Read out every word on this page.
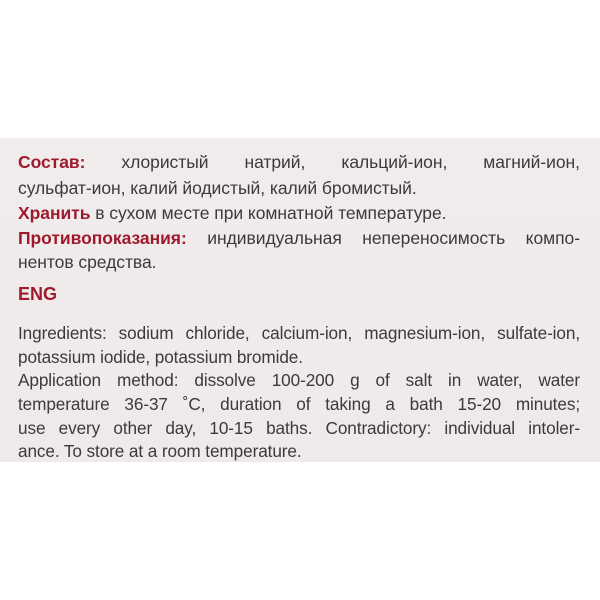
Состав: хлористый натрий, кальций-ион, магний-ион,
сульфат-ион, калий йодистый, калий бромистый.
Хранить в сухом месте при комнатной температуре.
Противопоказания: индивидуальная непереносимость компо-
нентов средства.
ENG
Ingredients: sodium chloride, calcium-ion, magnesium-ion, sulfate-ion,
potassium iodide, potassium bromide.
Application method: dissolve 100-200 g of salt in water, water
temperature 36-37 ˚C, duration of taking a bath 15-20 minutes;
use every other day, 10-15 baths. Contradictory: individual intoler-
ance. To store at a room temperature.
